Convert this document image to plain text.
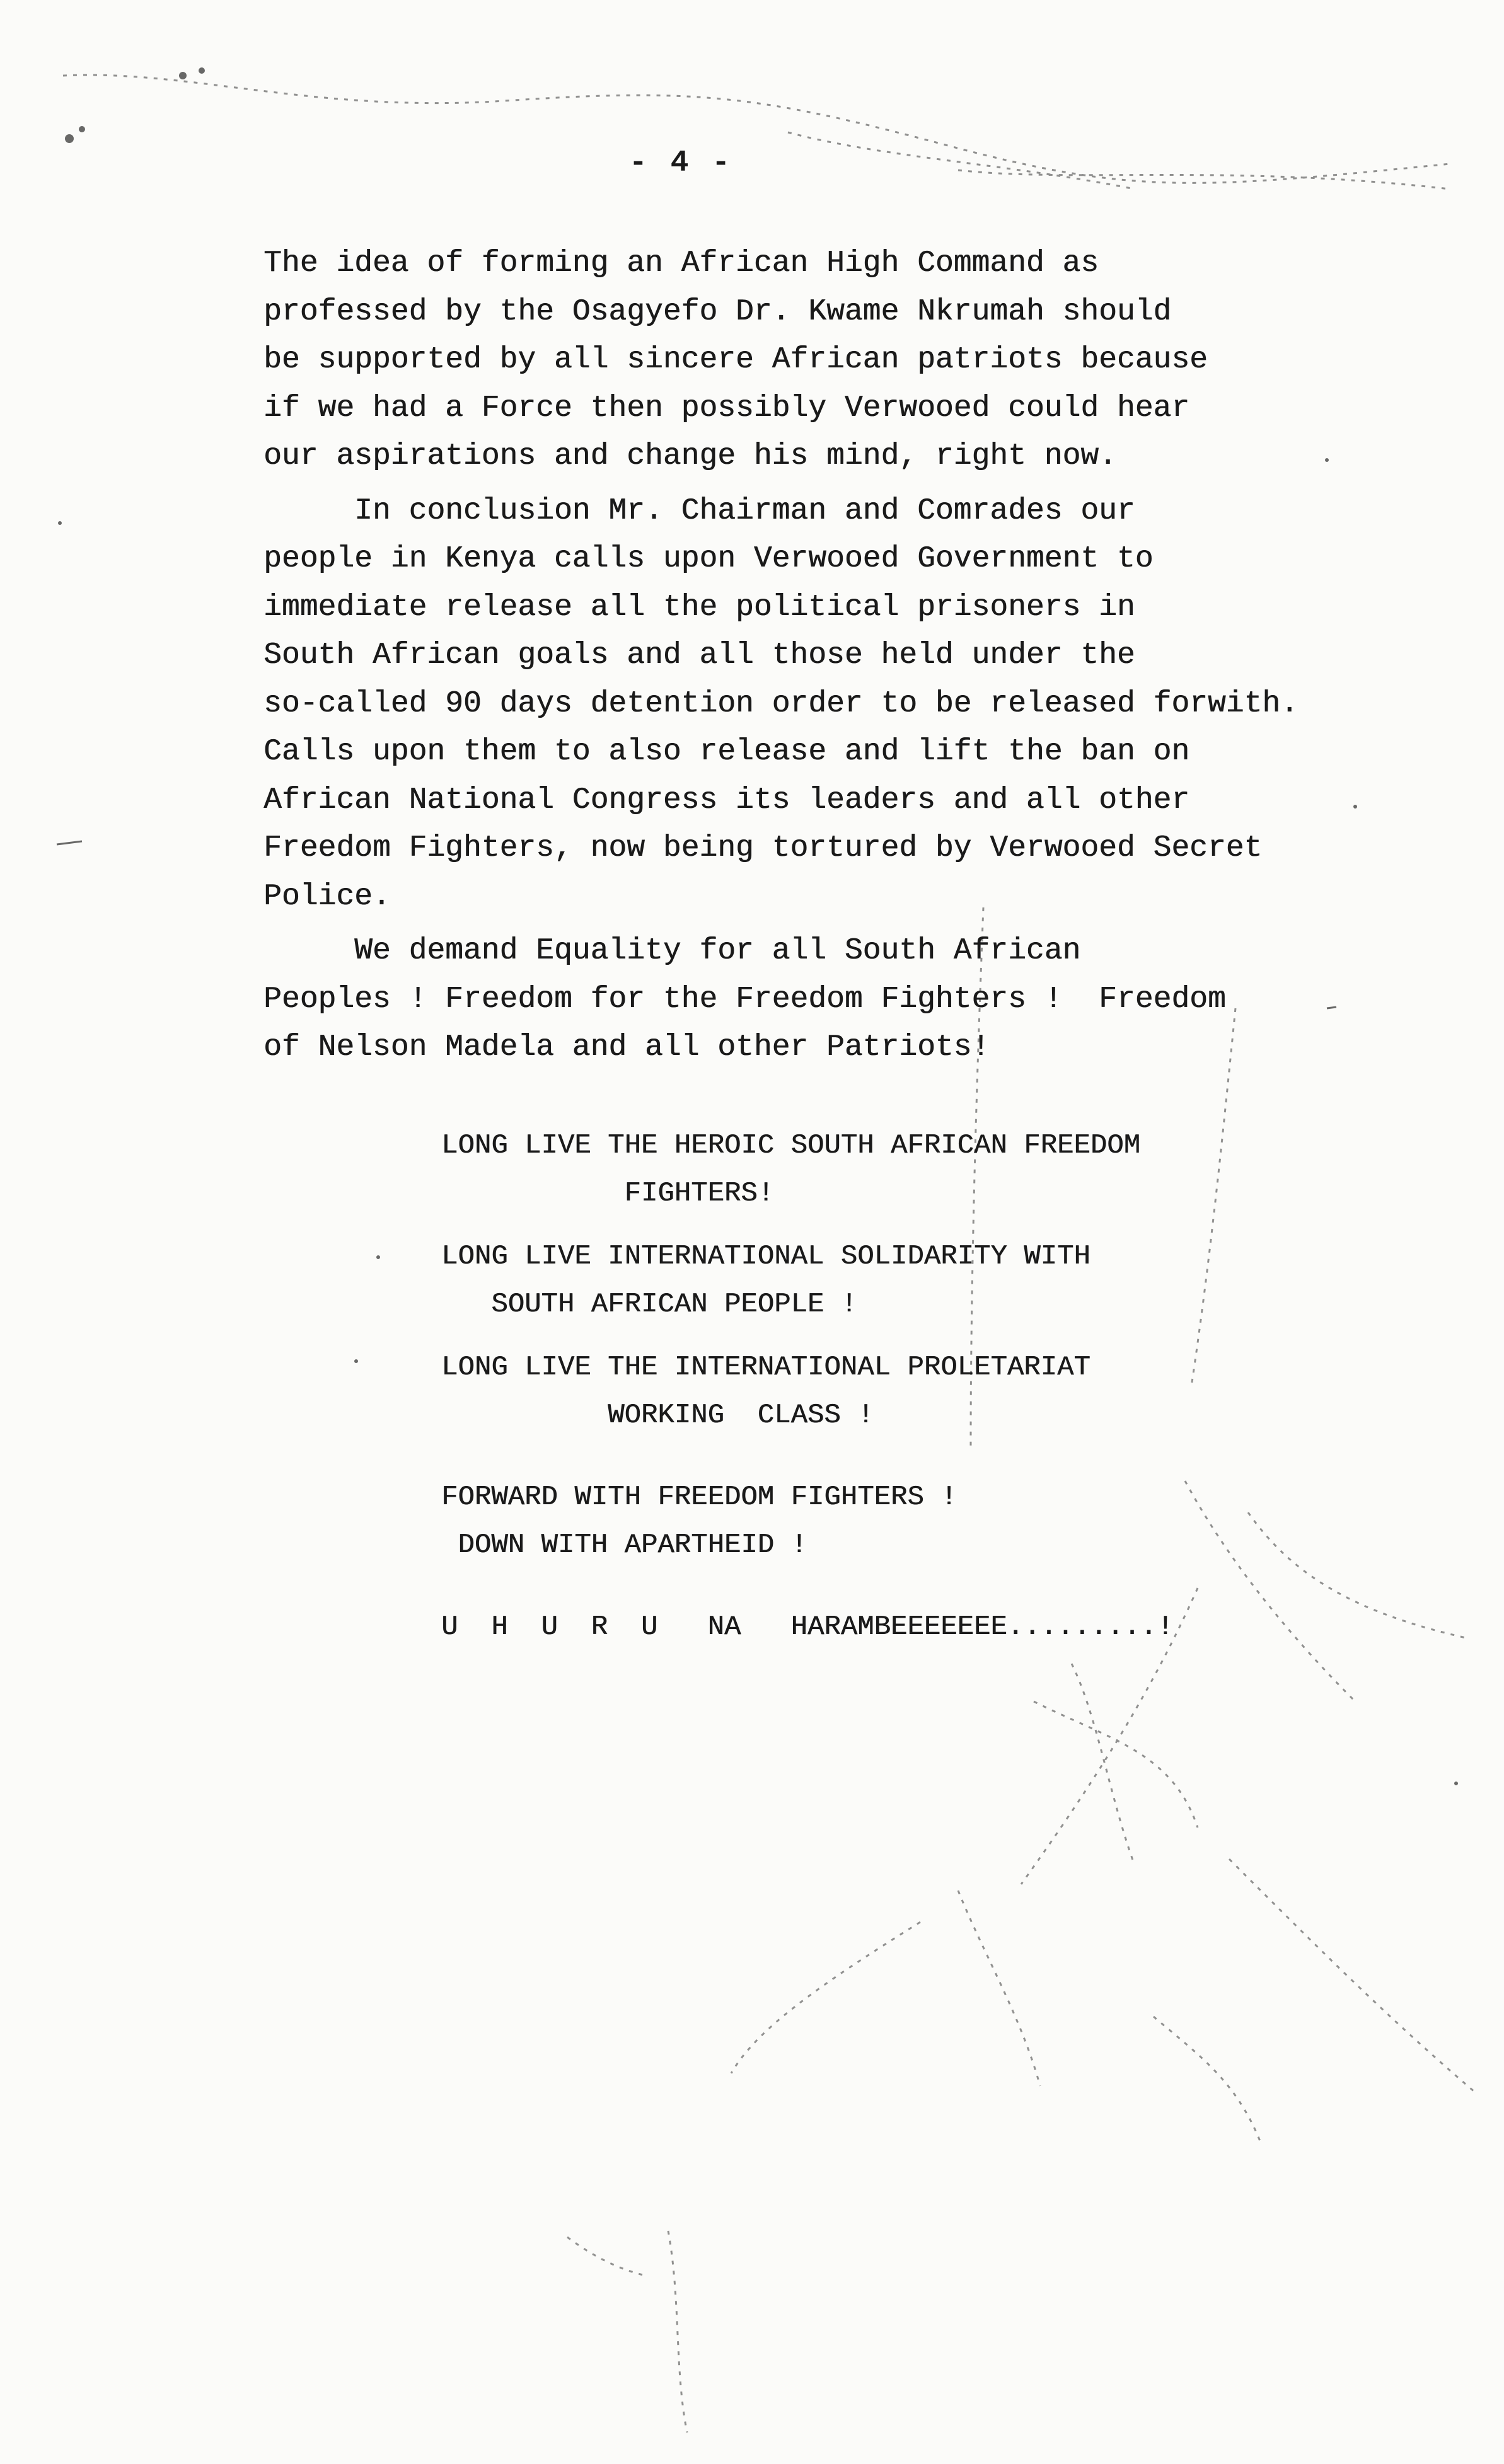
- 4 -

The idea of forming an African High Command as

professed by the Osagyefo Dr. Kwame Nkrumah should

be supported by all sincere African patriots because

if we had a Force then possibly Verwooed could hear

our aspirations and change his mind, right now.

In conclusion Mr. Chairman and Comrades our

people in Kenya calls upon Verwooed Government to

immediate release all the political prisoners in

South African goals and all those held under the

so-called 90 days detention order to be released forwith.

Calls upon them to also release and lift the ban on

African National Congress its leaders and all other

Freedom Fighters, now being tortured by Verwooed Secret

Police.

We demand Equality for all South African

Peoples ! Freedom for the Freedom Fighters !  Freedom

of Nelson Madela and all other Patriots!

LONG LIVE THE HEROIC SOUTH AFRICAN FREEDOM

FIGHTERS!

LONG LIVE INTERNATIONAL SOLIDARITY WITH

SOUTH AFRICAN PEOPLE !

LONG LIVE THE INTERNATIONAL PROLETARIAT

WORKING  CLASS !

FORWARD WITH FREEDOM FIGHTERS !

DOWN WITH APARTHEID !

U  H  U  R  U   NA   HARAMBEEEEEEE.........!
